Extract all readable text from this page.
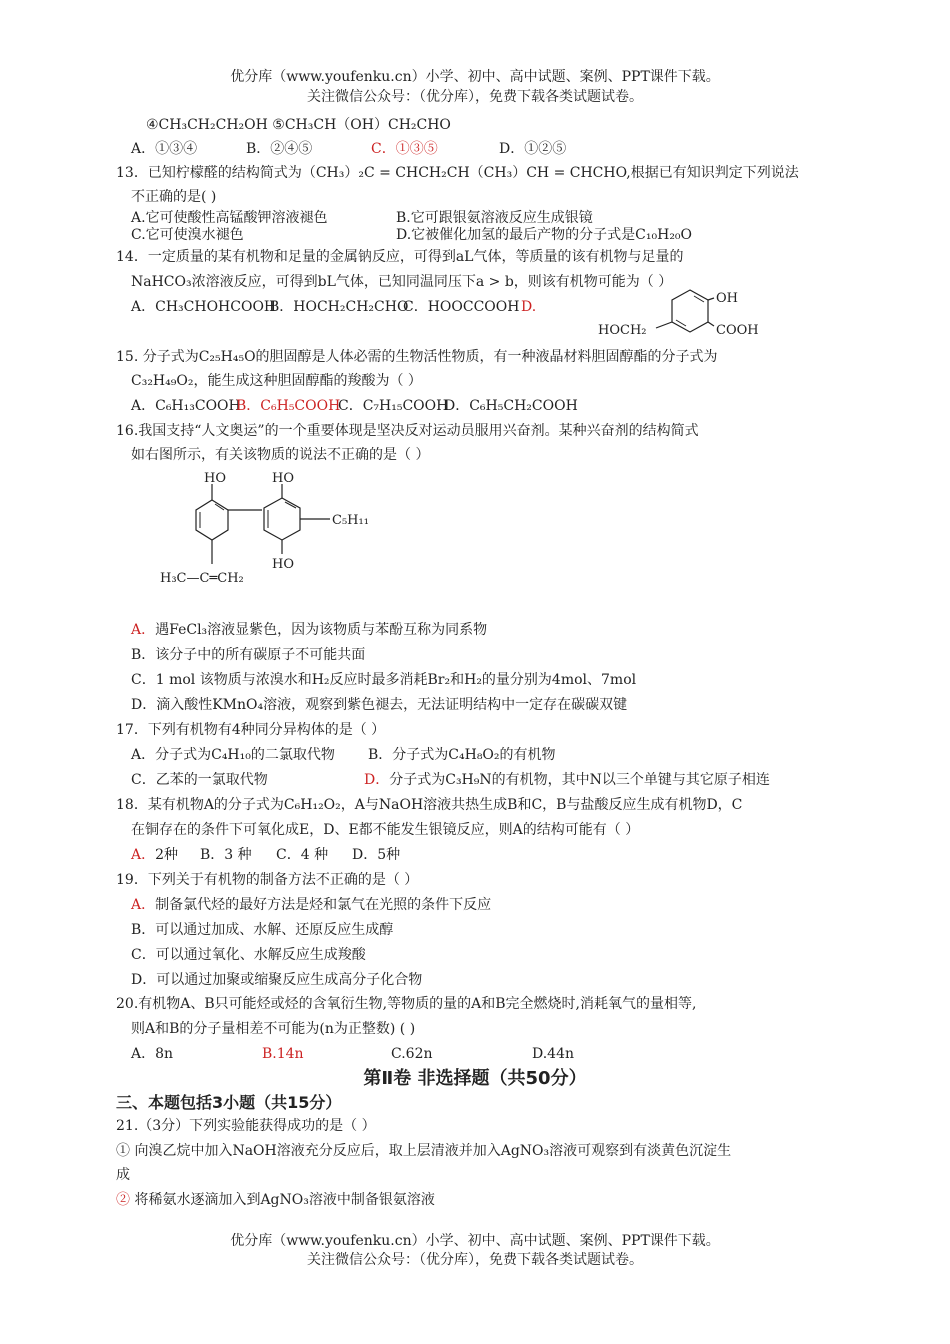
优分库（www.youfenku.cn）小学、初中、高中试题、案例、PPT课件下载。
关注微信公众号：（优分库），免费下载各类试题试卷。
④CH₃CH₂CH₂OH ⑤CH₃CH（OH）CH₂CHO
A．①③④	B．②④⑤	C．①③⑤	D．①②⑤
13．已知柠檬醛的结构简式为（CH₃）₂C = CHCH₂CH（CH₃）CH = CHCHO,根据已有知识判定下列说法
不正确的是( )
A.它可使酸性高锰酸钾溶液褪色	B.它可跟银氨溶液反应生成银镜
C.它可使溴水褪色	D.它被催化加氢的最后产物的分子式是C₁₀H₂₀O
14．一定质量的某有机物和足量的金属钠反应，可得到aL气体，等质量的该有机物与足量的
NaHCO₃浓溶液反应，可得到bL气体，已知同温同压下a > b，则该有机物可能为（ ）
A．CH₃CHOHCOOH
B．HOCH₂CH₂CHO
C．HOOCCOOH D.
OH
COOH
HOCH₂
15. 分子式为C₂₅H₄₅O的胆固醇是人体必需的生物活性物质，有一种液晶材料胆固醇酯的分子式为
C₃₂H₄₉O₂，能生成这种胆固醇酯的羧酸为（ ）
A．C₆H₁₃COOH
B．C₆H₅COOH
C．C₇H₁₅COOH
D．C₆H₅CH₂COOH
16.我国支持“人文奥运”的一个重要体现是坚决反对运动员服用兴奋剂。某种兴奋剂的结构简式
如右图所示，有关该物质的说法不正确的是（ ）
HO	HO
HO
C₅H₁₁
H₃C—C═CH₂
A．遇FeCl₃溶液显紫色，因为该物质与苯酚互称为同系物
B．该分子中的所有碳原子不可能共面
C．1 mol 该物质与浓溴水和H₂反应时最多消耗Br₂和H₂的量分别为4mol、7mol
D．滴入酸性KMnO₄溶液，观察到紫色褪去，无法证明结构中一定存在碳碳双键
17．下列有机物有4种同分异构体的是（ ）
A．分子式为C₄H₁₀的二氯取代物 B．分子式为C₄H₈O₂的有机物
C．乙苯的一氯取代物	D．分子式为C₃H₉N的有机物，其中N以三个单键与其它原子相连
18．某有机物A的分子式为C₆H₁₂O₂，A与NaOH溶液共热生成B和C，B与盐酸反应生成有机物D，C
在铜存在的条件下可氧化成E，D、E都不能发生银镜反应，则A的结构可能有（ ）
A．2种 B．3 种 C．4 种 D．5种
19．下列关于有机物的制备方法不正确的是（ ）
A．制备氯代烃的最好方法是烃和氯气在光照的条件下反应
B．可以通过加成、水解、还原反应生成醇
C．可以通过氧化、水解反应生成羧酸
D．可以通过加聚或缩聚反应生成高分子化合物
20.有机物A、B只可能烃或烃的含氧衍生物,等物质的量的A和B完全燃烧时,消耗氧气的量相等,
则A和B的分子量相差不可能为(n为正整数) ( )
A．8n	B.14n	C.62n	D.44n
第Ⅱ卷 非选择题（共50分）
三、本题包括3小题（共15分）
21.（3分）下列实验能获得成功的是（ ）
① 向溴乙烷中加入NaOH溶液充分反应后，取上层清液并加入AgNO₃溶液可观察到有淡黄色沉淀生
成
② 将稀氨水逐滴加入到AgNO₃溶液中制备银氨溶液
优分库（www.youfenku.cn）小学、初中、高中试题、案例、PPT课件下载。
关注微信公众号：（优分库），免费下载各类试题试卷。
